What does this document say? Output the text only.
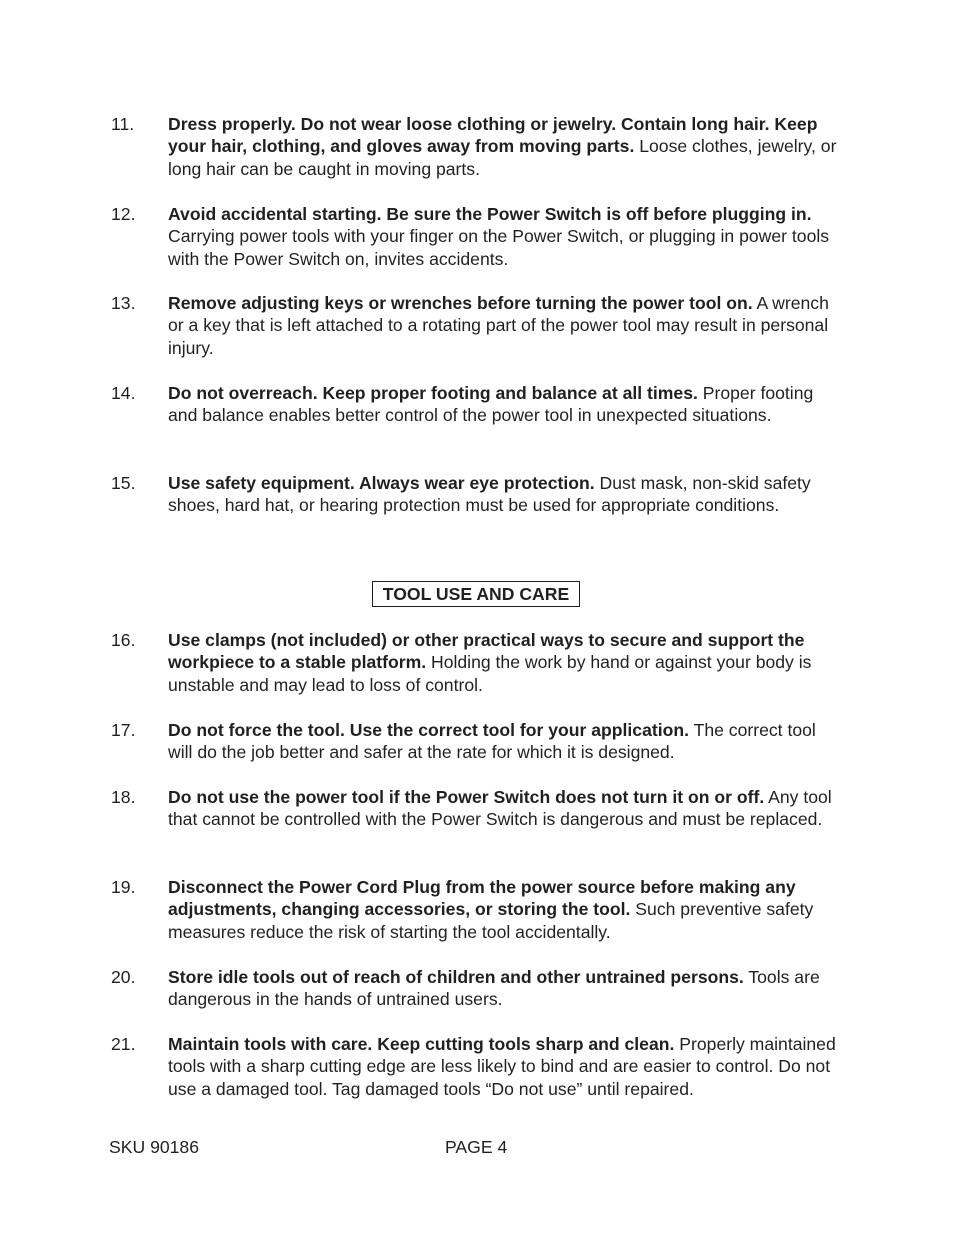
11.	Dress properly. Do not wear loose clothing or jewelry. Contain long hair. Keep your hair, clothing, and gloves away from moving parts. Loose clothes, jewelry, or long hair can be caught in moving parts.
12.	Avoid accidental starting. Be sure the Power Switch is off before plugging in. Carrying power tools with your finger on the Power Switch, or plugging in power tools with the Power Switch on, invites accidents.
13.	Remove adjusting keys or wrenches before turning the power tool on. A wrench or a key that is left attached to a rotating part of the power tool may result in personal injury.
14.	Do not overreach. Keep proper footing and balance at all times. Proper footing and balance enables better control of the power tool in unexpected situations.
15.	Use safety equipment. Always wear eye protection. Dust mask, non-skid safety shoes, hard hat, or hearing protection must be used for appropriate conditions.
TOOL USE AND CARE
16.	Use clamps (not included) or other practical ways to secure and support the workpiece to a stable platform. Holding the work by hand or against your body is unstable and may lead to loss of control.
17.	Do not force the tool. Use the correct tool for your application. The correct tool will do the job better and safer at the rate for which it is designed.
18.	Do not use the power tool if the Power Switch does not turn it on or off. Any tool that cannot be controlled with the Power Switch is dangerous and must be replaced.
19.	Disconnect the Power Cord Plug from the power source before making any adjustments, changing accessories, or storing the tool. Such preventive safety measures reduce the risk of starting the tool accidentally.
20.	Store idle tools out of reach of children and other untrained persons. Tools are dangerous in the hands of untrained users.
21.	Maintain tools with care. Keep cutting tools sharp and clean. Properly maintained tools with a sharp cutting edge are less likely to bind and are easier to control. Do not use a damaged tool. Tag damaged tools “Do not use” until repaired.
SKU 90186	PAGE 4
